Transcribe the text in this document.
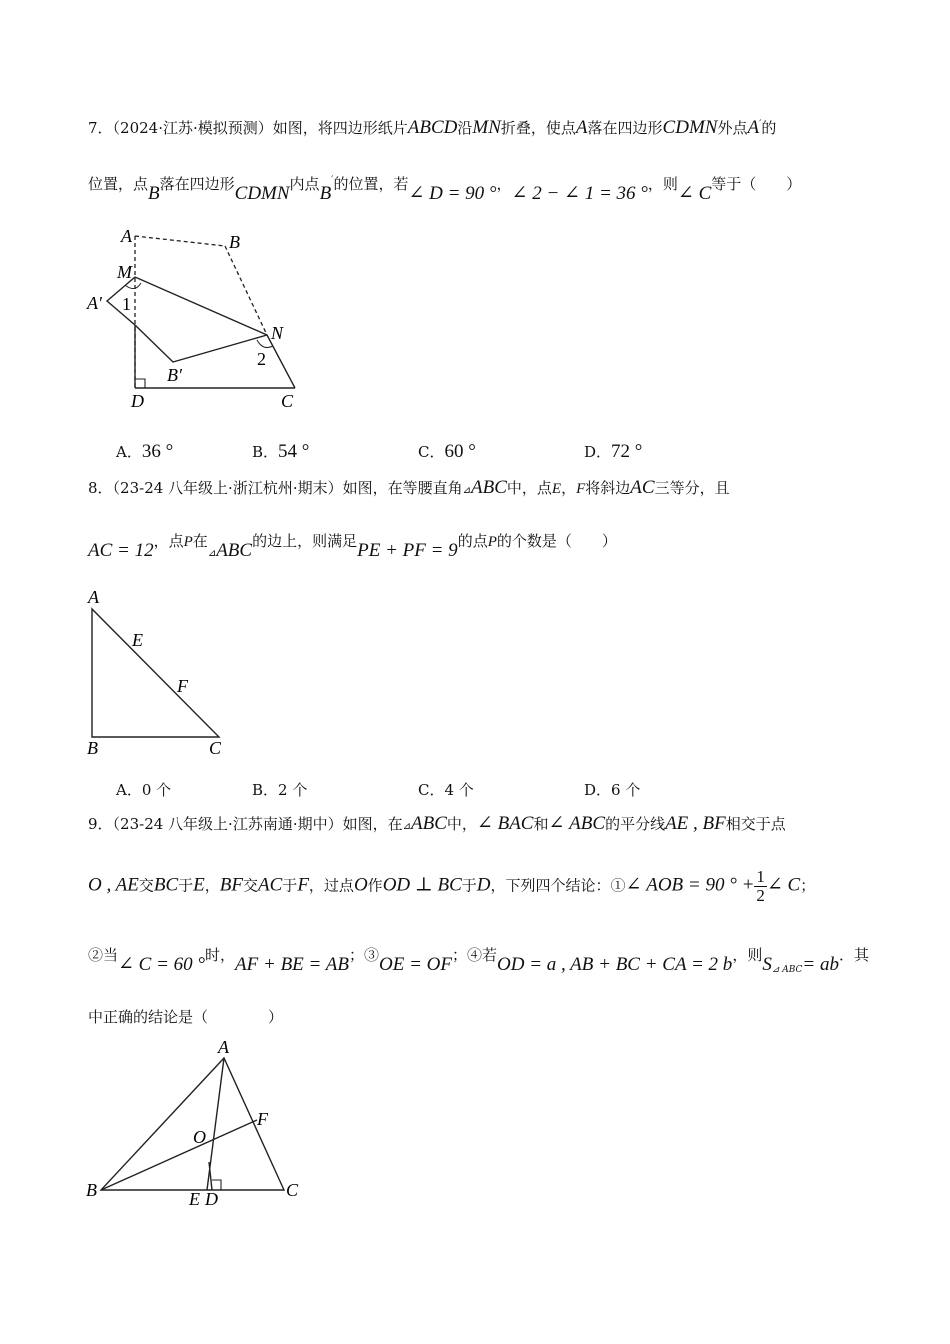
7．（2024·江苏·模拟预测）如图，将四边形纸片ABCD沿MN折叠，使点A落在四边形CDMN外点A′的
位置，点B落在四边形CDMN内点B′的位置，若∠ D = 90 °，∠ 2 − ∠ 1 = 36 °，则∠ C等于（　　）
A	B
M
A′ 1
N
2
B′
D	C
A．36 °	B．54 °	C．60 °	D．72 °
8．（23-24 八年级上·浙江杭州·期末）如图，在等腰直角⊿ABC中，点E，F将斜边AC三等分，且
AC = 12，点P在$_⊿$ABC的边上，则满足PE + PF = 9的点P的个数是（　　）
A
E
F
B	C
A．0 个	B．2 个	C．4 个	D．6 个
9．（23-24 八年级上·江苏南通·期中）如图，在⊿ABC中，∠ BAC和∠ ABC的平分线AE , BF相交于点
O , AE交BC于E，BF交AC于F，过点O作OD ⊥ BC于D，下列四个结论：①∠ AOB = 90 ° + $\frac{1}{2}$ ∠ C；
②当∠ C = 60 °时，AF + BE = AB；③OE = OF；④若OD = a , AB + BC + CA = 2 b，则$S_{⊿ ABC}=$ ab．其
中正确的结论是（　　　　）
A
F
O
B	E D	C
